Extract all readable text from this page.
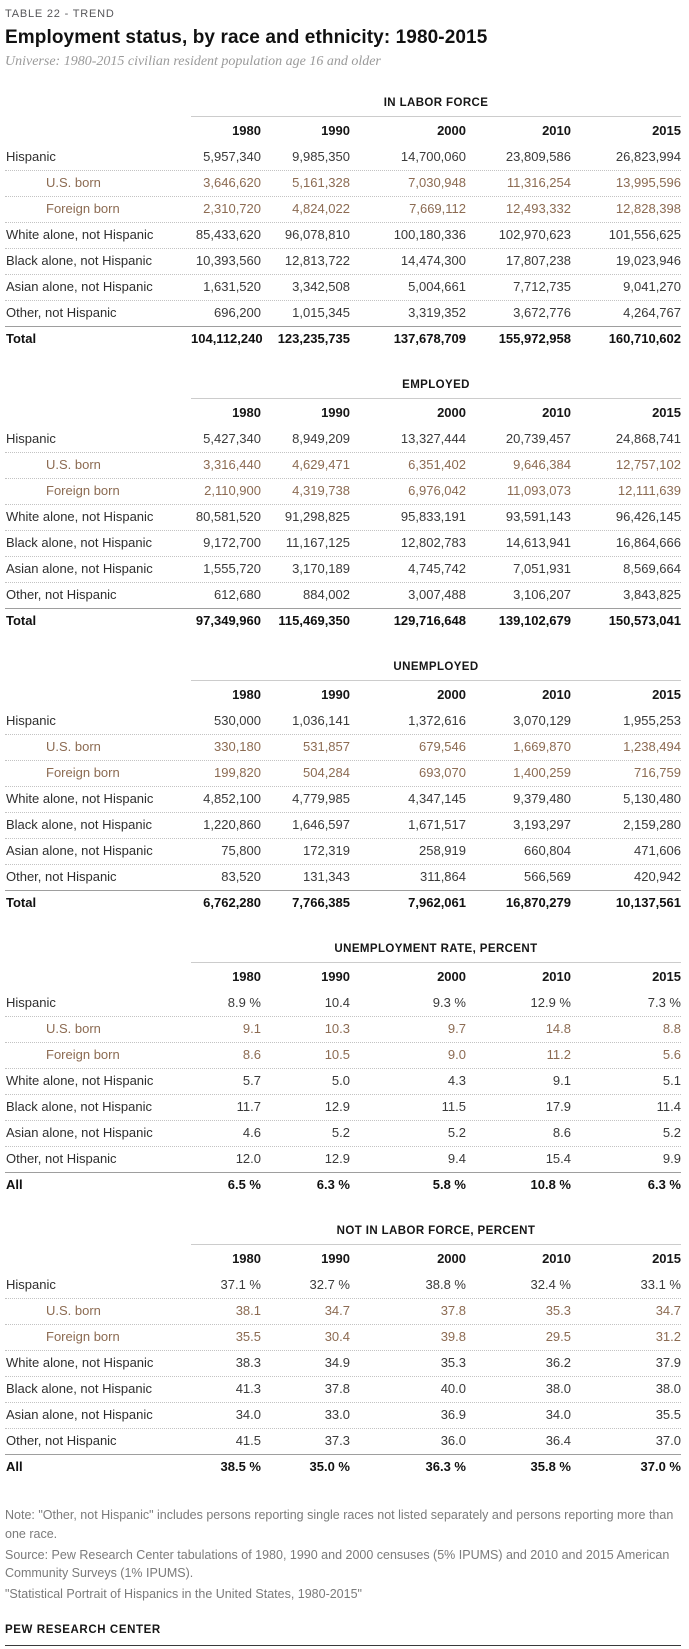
TABLE 22 - TREND
Employment status, by race and ethnicity: 1980-2015
Universe: 1980-2015 civilian resident population age 16 and older
IN LABOR FORCE
1980	1990	2000	2010	2015
Hispanic	5,957,340	9,985,350	14,700,060	23,809,586	26,823,994
U.S. born	3,646,620	5,161,328	7,030,948	11,316,254	13,995,596
Foreign born	2,310,720	4,824,022	7,669,112	12,493,332	12,828,398
White alone, not Hispanic	85,433,620	96,078,810	100,180,336	102,970,623	101,556,625
Black alone, not Hispanic	10,393,560	12,813,722	14,474,300	17,807,238	19,023,946
Asian alone, not Hispanic	1,631,520	3,342,508	5,004,661	7,712,735	9,041,270
Other, not Hispanic	696,200	1,015,345	3,319,352	3,672,776	4,264,767
Total	104,112,240	123,235,735	137,678,709	155,972,958	160,710,602
EMPLOYED
1980	1990	2000	2010	2015
Hispanic	5,427,340	8,949,209	13,327,444	20,739,457	24,868,741
U.S. born	3,316,440	4,629,471	6,351,402	9,646,384	12,757,102
Foreign born	2,110,900	4,319,738	6,976,042	11,093,073	12,111,639
White alone, not Hispanic	80,581,520	91,298,825	95,833,191	93,591,143	96,426,145
Black alone, not Hispanic	9,172,700	11,167,125	12,802,783	14,613,941	16,864,666
Asian alone, not Hispanic	1,555,720	3,170,189	4,745,742	7,051,931	8,569,664
Other, not Hispanic	612,680	884,002	3,007,488	3,106,207	3,843,825
Total	97,349,960	115,469,350	129,716,648	139,102,679	150,573,041
UNEMPLOYED
1980	1990	2000	2010	2015
Hispanic	530,000	1,036,141	1,372,616	3,070,129	1,955,253
U.S. born	330,180	531,857	679,546	1,669,870	1,238,494
Foreign born	199,820	504,284	693,070	1,400,259	716,759
White alone, not Hispanic	4,852,100	4,779,985	4,347,145	9,379,480	5,130,480
Black alone, not Hispanic	1,220,860	1,646,597	1,671,517	3,193,297	2,159,280
Asian alone, not Hispanic	75,800	172,319	258,919	660,804	471,606
Other, not Hispanic	83,520	131,343	311,864	566,569	420,942
Total	6,762,280	7,766,385	7,962,061	16,870,279	10,137,561
UNEMPLOYMENT RATE, PERCENT
1980	1990	2000	2010	2015
Hispanic	8.9 %	10.4	9.3 %	12.9 %	7.3 %
U.S. born	9.1	10.3	9.7	14.8	8.8
Foreign born	8.6	10.5	9.0	11.2	5.6
White alone, not Hispanic	5.7	5.0	4.3	9.1	5.1
Black alone, not Hispanic	11.7	12.9	11.5	17.9	11.4
Asian alone, not Hispanic	4.6	5.2	5.2	8.6	5.2
Other, not Hispanic	12.0	12.9	9.4	15.4	9.9
All	6.5 %	6.3 %	5.8 %	10.8 %	6.3 %
NOT IN LABOR FORCE, PERCENT
1980	1990	2000	2010	2015
Hispanic	37.1 %	32.7 %	38.8 %	32.4 %	33.1 %
U.S. born	38.1	34.7	37.8	35.3	34.7
Foreign born	35.5	30.4	39.8	29.5	31.2
White alone, not Hispanic	38.3	34.9	35.3	36.2	37.9
Black alone, not Hispanic	41.3	37.8	40.0	38.0	38.0
Asian alone, not Hispanic	34.0	33.0	36.9	34.0	35.5
Other, not Hispanic	41.5	37.3	36.0	36.4	37.0
All	38.5 %	35.0 %	36.3 %	35.8 %	37.0 %
Note: "Other, not Hispanic" includes persons reporting single races not listed separately and persons reporting more than one race.
Source: Pew Research Center tabulations of 1980, 1990 and 2000 censuses (5% IPUMS) and 2010 and 2015 American Community Surveys (1% IPUMS).
"Statistical Portrait of Hispanics in the United States, 1980-2015"
PEW RESEARCH CENTER
